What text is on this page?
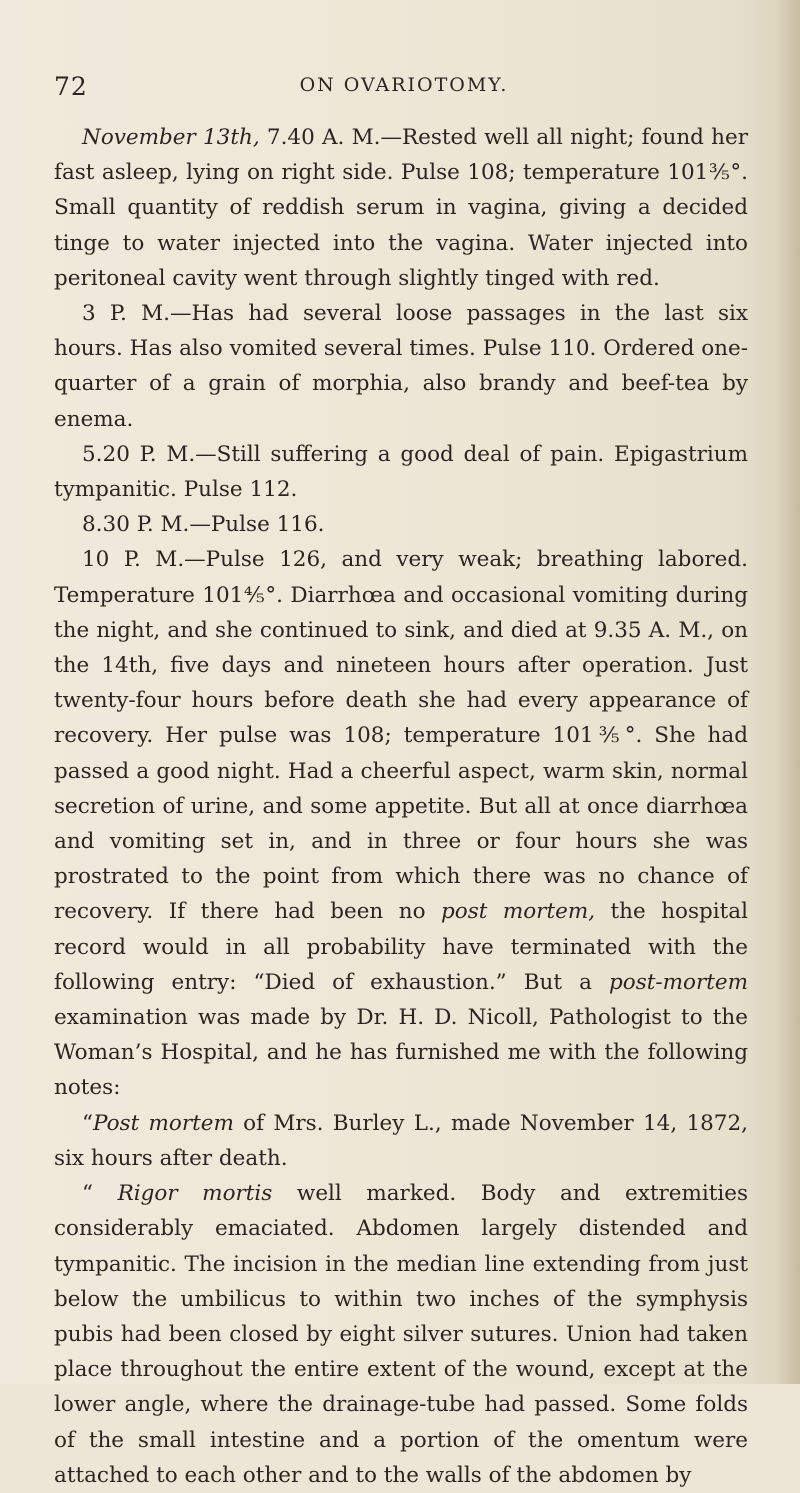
72	ON OVARIOTOMY.

November 13th, 7.40 A. M.—Rested well all night; found her fast asleep, lying on right side. Pulse 108; temperature 101⅗°. Small quantity of reddish serum in vagina, giving a decided tinge to water injected into the vagina. Water injected into peritoneal cavity went through slightly tinged with red.

3 P. M.—Has had several loose passages in the last six hours. Has also vomited several times. Pulse 110. Ordered one-quarter of a grain of morphia, also brandy and beef-tea by enema.

5.20 P. M.—Still suffering a good deal of pain. Epigastrium tympanitic. Pulse 112.

8.30 P. M.—Pulse 116.

10 P. M.—Pulse 126, and very weak; breathing labored. Temperature 101⅘°. Diarrhœa and occasional vomiting during the night, and she continued to sink, and died at 9.35 A. M., on the 14th, five days and nineteen hours after operation. Just twenty-four hours before death she had every appearance of recovery. Her pulse was 108; temperature 101⅗°. She had passed a good night. Had a cheerful aspect, warm skin, normal secretion of urine, and some appetite. But all at once diarrhœa and vomiting set in, and in three or four hours she was prostrated to the point from which there was no chance of recovery. If there had been no post mortem, the hospital record would in all probability have terminated with the following entry: “Died of exhaustion.” But a post-mortem examination was made by Dr. H. D. Nicoll, Pathologist to the Woman’s Hospital, and he has furnished me with the following notes:

“Post mortem of Mrs. Burley L., made November 14, 1872, six hours after death.

“ Rigor mortis well marked. Body and extremities considerably emaciated. Abdomen largely distended and tympanitic. The incision in the median line extending from just below the umbilicus to within two inches of the symphysis pubis had been closed by eight silver sutures. Union had taken place throughout the entire extent of the wound, except at the lower angle, where the drainage-tube had passed. Some folds of the small intestine and a portion of the omentum were attached to each other and to the walls of the abdomen by
